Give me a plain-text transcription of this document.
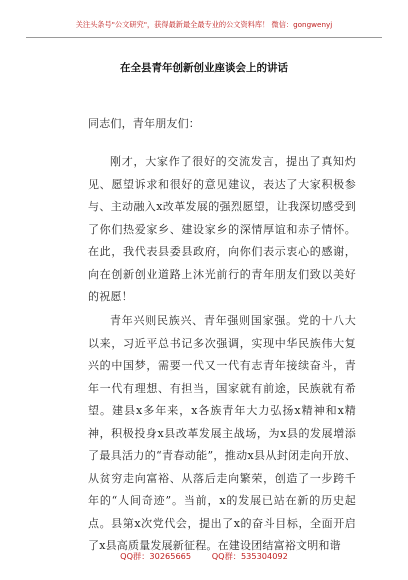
关注头条号"公文研究"，获得最新最全最专业的公文资料库！ 微信：gongwenyj
在全县青年创新创业座谈会上的讲话
同志们，青年朋友们：

刚才，大家作了很好的交流发言，提出了真知灼见、愿望诉求和很好的意见建议，表达了大家积极参与、主动融入x改革发展的强烈愿望，让我深切感受到了你们热爱家乡、建设家乡的深情厚谊和赤子情怀。在此，我代表县委县政府，向你们表示衷心的感谢，向在创新创业道路上沐光前行的青年朋友们致以美好的祝愿！

青年兴则民族兴、青年强则国家强。党的十八大以来，习近平总书记多次强调，实现中华民族伟大复兴的中国梦，需要一代又一代有志青年接续奋斗，青年一代有理想、有担当，国家就有前途，民族就有希望。建县x多年来，x各族青年大力弘扬x精神和x精神，积极投身x县改革发展主战场，为x县的发展增添了最具活力的“青春动能”，推动x县从封闭走向开放、从贫穷走向富裕、从落后走向繁荣，创造了一步跨千年的“人间奇迹”。当前，x的发展已站在新的历史起点。县第x次党代会，提出了x的奋斗目标，全面开启了x县高质量发展新征程。在建设团结富裕文明和谐

QQ群：30265665	QQ群：535304092
